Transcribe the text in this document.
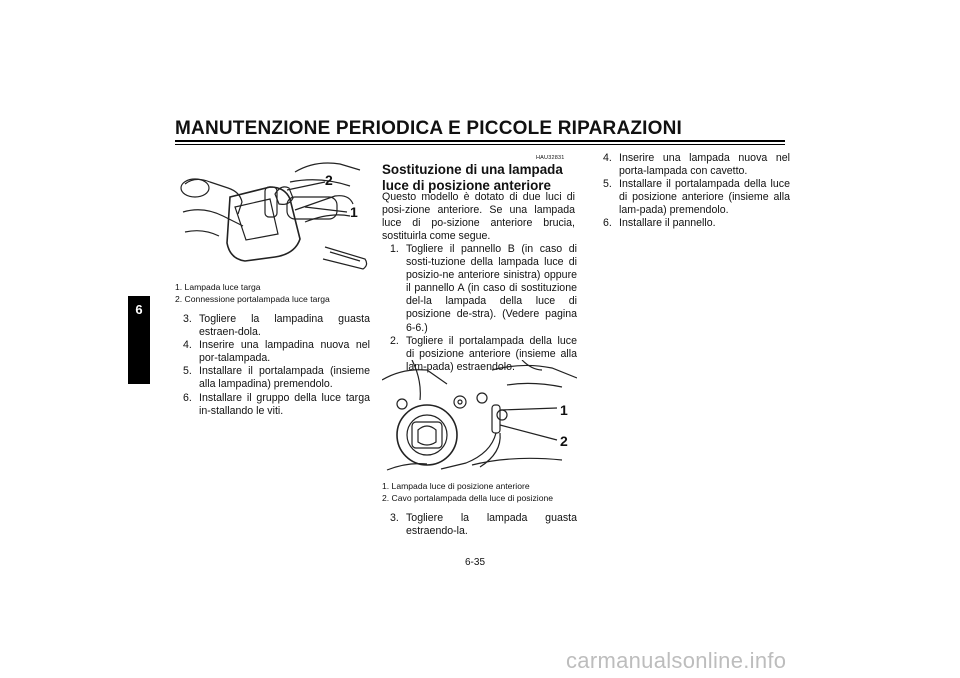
MANUTENZIONE PERIODICA E PICCOLE RIPARAZIONI
6
2
1
1. Lampada luce targa
2. Connessione portalampada luce targa
3. Togliere la lampadina guasta estraen-dola.
4. Inserire una lampadina nuova nel por-talampada.
5. Installare il portalampada (insieme alla lampadina) premendolo.
6. Installare il gruppo della luce targa in-stallando le viti.
HAU32831
Sostituzione di una lampada luce di posizione anteriore
Questo modello è dotato di due luci di posi-zione anteriore. Se una lampada luce di po-sizione anteriore brucia, sostituirla come segue.
1. Togliere il pannello B (in caso di sosti-tuzione della lampada luce di posizio-ne anteriore sinistra) oppure il pannello A (in caso di sostituzione del-la lampada della luce di posizione de-stra). (Vedere pagina 6-6.)
2. Togliere il portalampada della luce di posizione anteriore (insieme alla lam-pada) estraendolo.
1
2
1. Lampada luce di posizione anteriore
2. Cavo portalampada della luce di posizione
3. Togliere la lampada guasta estraendo-la.
4. Inserire una lampada nuova nel porta-lampada con cavetto.
5. Installare il portalampada della luce di posizione anteriore (insieme alla lam-pada) premendolo.
6. Installare il pannello.
6-35
carmanualsonline.info
